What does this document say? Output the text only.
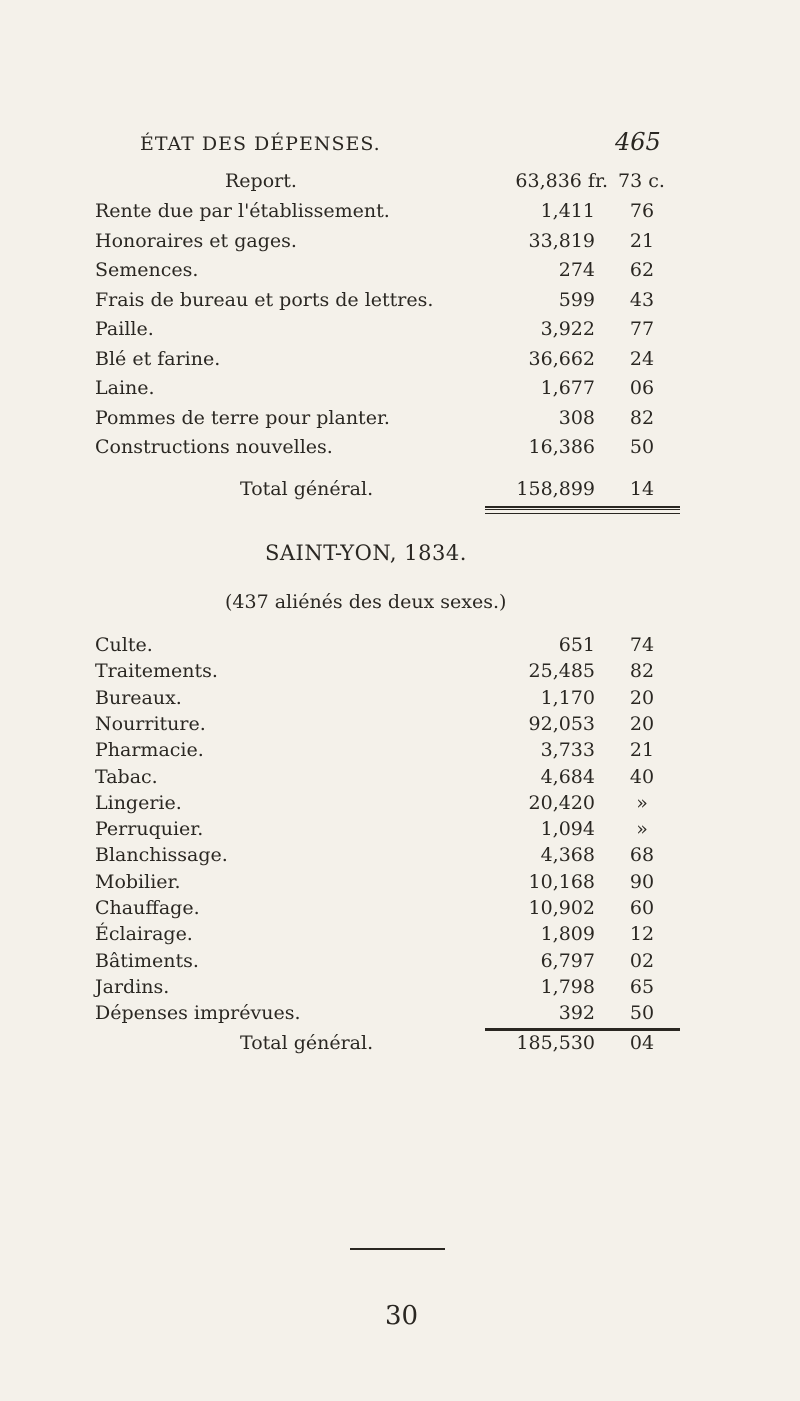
ÉTAT DES DÉPENSES.	465
Report.	63,836 fr. 73 c.
Rente due par l'établissement.	1,411	76
Honoraires et gages.	33,819	21
Semences.	274	62
Frais de bureau et ports de lettres.	599	43
Paille.	3,922	77
Blé et farine.	36,662	24
Laine.	1,677	06
Pommes de terre pour planter.	308	82
Constructions nouvelles.	16,386	50
Total général.	158,899	14
SAINT-YON, 1834.
(437 aliénés des deux sexes.)
Culte.	651	74
Traitements.	25,485	82
Bureaux.	1,170	20
Nourriture.	92,053	20
Pharmacie.	3,733	21
Tabac.	4,684	40
Lingerie.	20,420	»
Perruquier.	1,094	»
Blanchissage.	4,368	68
Mobilier.	10,168	90
Chauffage.	10,902	60
Éclairage.	1,809	12
Bâtiments.	6,797	02
Jardins.	1,798	65
Dépenses imprévues.	392	50
Total général.	185,530	04
30
